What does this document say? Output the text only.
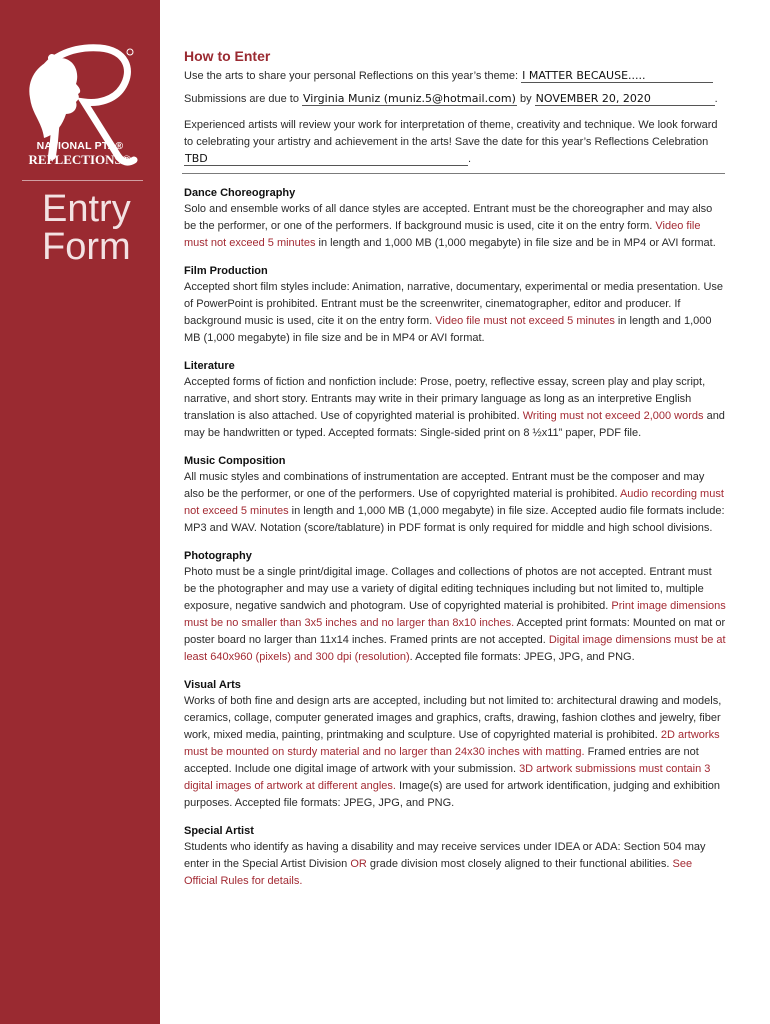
NATIONAL PTA®
REFLECTIONS®
Entry
Form
How to Enter

Use the arts to share your personal Reflections on this year’s theme: I MATTER BECAUSE.....

Submissions are due to Virginia Muniz (muniz.5@hotmail.com) by NOVEMBER 20, 2020	.

Experienced artists will review your work for interpretation of theme, creativity and technique. We look forward to celebrating your artistry and achievement in the arts! Save the date for this year’s Reflections Celebration TBD	.

Dance Choreography

Solo and ensemble works of all dance styles are accepted. Entrant must be the choreographer and may also be the performer, or one of the performers. If background music is used, cite it on the entry form. Video file must not exceed 5 minutes in length and 1,000 MB (1,000 megabyte) in file size and be in MP4 or AVI format.

Film Production

Accepted short film styles include: Animation, narrative, documentary, experimental or media presentation. Use of PowerPoint is prohibited. Entrant must be the screenwriter, cinematographer, editor and producer. If background music is used, cite it on the entry form. Video file must not exceed 5 minutes in length and 1,000 MB (1,000 megabyte) in file size and be in MP4 or AVI format.

Literature

Accepted forms of fiction and nonfiction include: Prose, poetry, reflective essay, screen play and play script, narrative, and short story. Entrants may write in their primary language as long as an interpretive English translation is also attached. Use of copyrighted material is prohibited. Writing must not exceed 2,000 words and may be handwritten or typed. Accepted formats: Single-sided print on 8 ½x11” paper, PDF file.

Music Composition

All music styles and combinations of instrumentation are accepted. Entrant must be the composer and may also be the performer, or one of the performers. Use of copyrighted material is prohibited. Audio recording must not exceed 5 minutes in length and 1,000 MB (1,000 megabyte) in file size. Accepted audio file formats include: MP3 and WAV. Notation (score/tablature) in PDF format is only required for middle and high school divisions.

Photography

Photo must be a single print/digital image. Collages and collections of photos are not accepted. Entrant must be the photographer and may use a variety of digital editing techniques including but not limited to, multiple exposure, negative sandwich and photogram. Use of copyrighted material is prohibited. Print image dimensions must be no smaller than 3x5 inches and no larger than 8x10 inches. Accepted print formats: Mounted on mat or poster board no larger than 11x14 inches. Framed prints are not accepted. Digital image dimensions must be at least 640x960 (pixels) and 300 dpi (resolution). Accepted file formats: JPEG, JPG, and PNG.

Visual Arts

Works of both fine and design arts are accepted, including but not limited to: architectural drawing and models, ceramics, collage, computer generated images and graphics, crafts, drawing, fashion clothes and jewelry, fiber work, mixed media, painting, printmaking and sculpture. Use of copyrighted material is prohibited. 2D artworks must be mounted on sturdy material and no larger than 24x30 inches with matting. Framed entries are not accepted. Include one digital image of artwork with your submission. 3D artwork submissions must contain 3 digital images of artwork at different angles. Image(s) are used for artwork identification, judging and exhibition purposes. Accepted file formats: JPEG, JPG, and PNG.

Special Artist

Students who identify as having a disability and may receive services under IDEA or ADA: Section 504 may enter in the Special Artist Division OR grade division most closely aligned to their functional abilities. See Official Rules for details.
